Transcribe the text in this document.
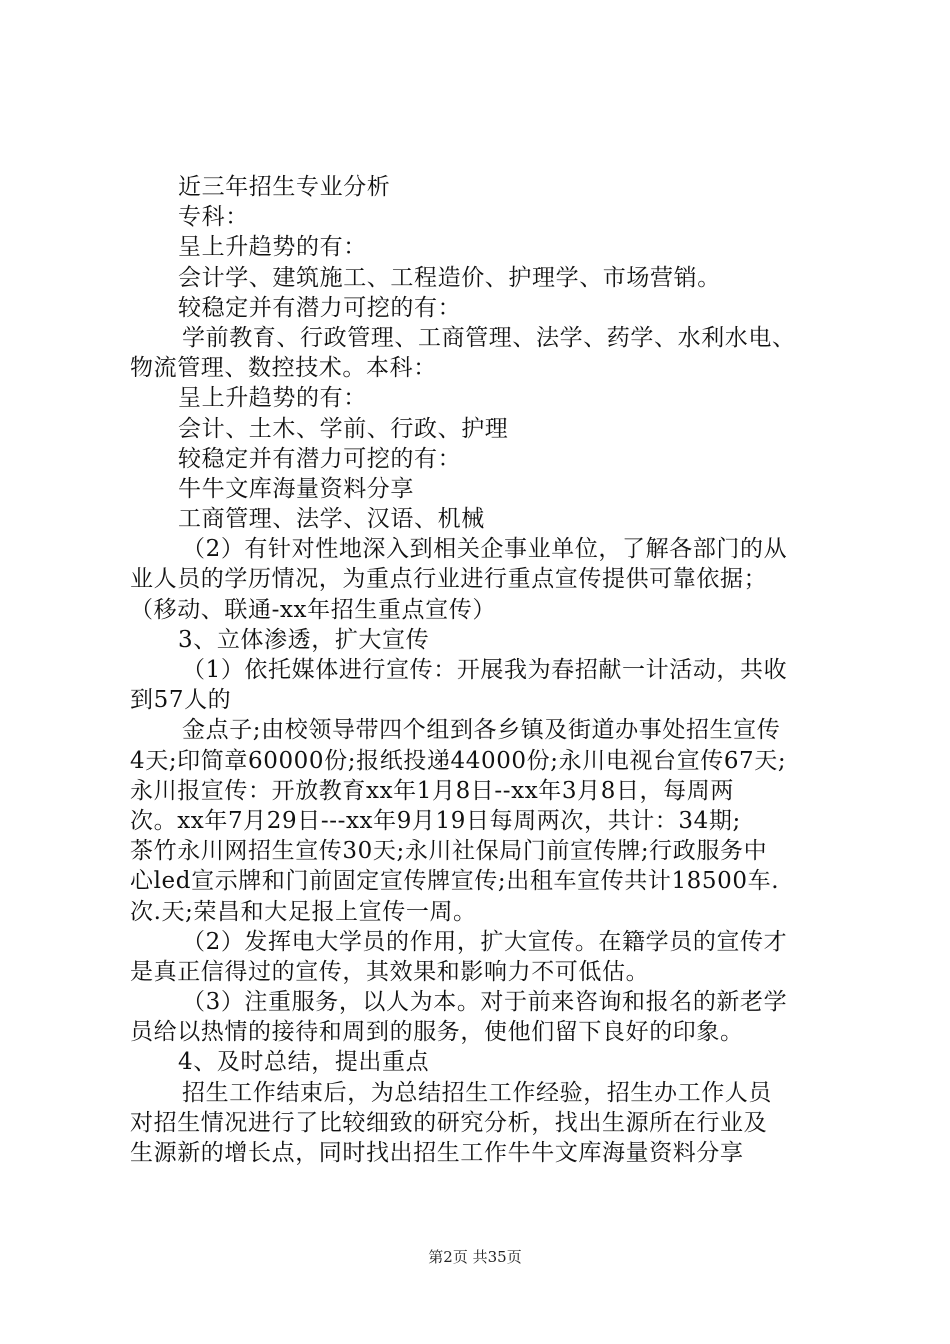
近三年招生专业分析
专科：
呈上升趋势的有：
会计学、建筑施工、工程造价、护理学、市场营销。
较稳定并有潜力可挖的有：
学前教育、行政管理、工商管理、法学、药学、水利水电、
物流管理、数控技术。本科：
呈上升趋势的有：
会计、土木、学前、行政、护理
较稳定并有潜力可挖的有：
牛牛文库海量资料分享
工商管理、法学、汉语、机械
（2）有针对性地深入到相关企事业单位，了解各部门的从
业人员的学历情况，为重点行业进行重点宣传提供可靠依据；
（移动、联通-xx年招生重点宣传）
3、立体渗透，扩大宣传
（1）依托媒体进行宣传：开展我为春招献一计活动，共收
到57人的
金点子;由校领导带四个组到各乡镇及街道办事处招生宣传
4天;印简章60000份;报纸投递44000份;永川电视台宣传67天;
永川报宣传：开放教育xx年1月8日--xx年3月8日，每周两
次。xx年7月29日---xx年9月19日每周两次，共计：34期;
茶竹永川网招生宣传30天;永川社保局门前宣传牌;行政服务中
心led宣示牌和门前固定宣传牌宣传;出租车宣传共计18500车.
次.天;荣昌和大足报上宣传一周。
（2）发挥电大学员的作用，扩大宣传。在籍学员的宣传才
是真正信得过的宣传，其效果和影响力不可低估。
（3）注重服务，以人为本。对于前来咨询和报名的新老学
员给以热情的接待和周到的服务，使他们留下良好的印象。
4、及时总结，提出重点
招生工作结束后，为总结招生工作经验，招生办工作人员
对招生情况进行了比较细致的研究分析，找出生源所在行业及
生源新的增长点，同时找出招生工作牛牛文库海量资料分享
第2页 共35页
